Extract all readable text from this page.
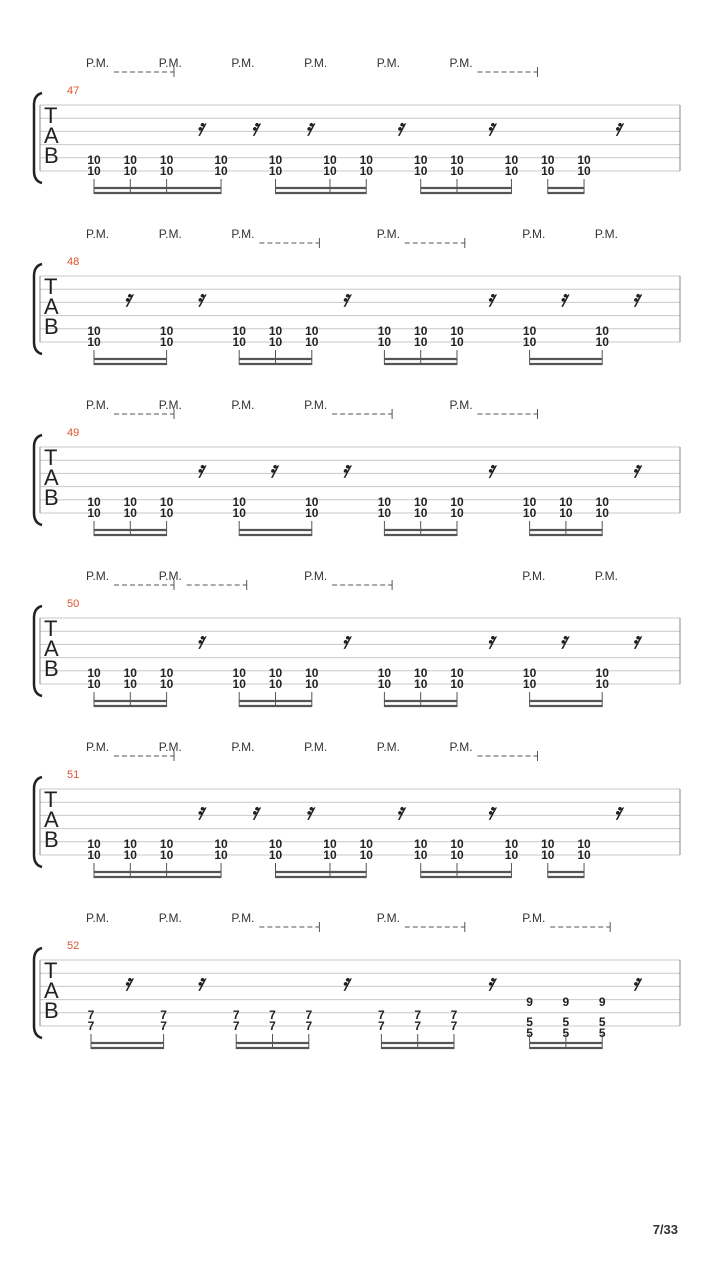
T
A
B
47
P.M.	P.M.	P.M.	P.M.	P.M.	P.M.
10
10
10
10
10
10
𝄿
10
10
𝄿
10
10
𝄿
10
10
10
10
𝄿
10
10
10
10
𝄿
10
10
10
10
10
10
𝄿
T
A
B
48
P.M.	P.M.	P.M.	P.M.	P.M.	P.M.
10
10
𝄿
10
10
𝄿
10
10
10
10
10
10
𝄿
10
10
10
10
10
10
𝄿
10
10
𝄿
10
10
𝄿
T
A
B
49
P.M.	P.M.	P.M.	P.M.	P.M.
10
10
10
10
10
10
𝄿
10
10
𝄿
10
10
𝄿
10
10
10
10
10
10
𝄿
10
10
10
10
10
10
𝄿
T
A
B
50
P.M.	P.M.	P.M.	P.M.	P.M.
10
10
10
10
10
10
𝄿
10
10
10
10
10
10
𝄿
10
10
10
10
10
10
𝄿
10
10
𝄿
10
10
𝄿
T
A
B
51
P.M.	P.M.	P.M.	P.M.	P.M.	P.M.
10
10
10
10
10
10
𝄿
10
10
𝄿
10
10
𝄿
10
10
10
10
𝄿
10
10
10
10
𝄿
10
10
10
10
10
10
𝄿
T
A
B
52
P.M.	P.M.	P.M.	P.M.	P.M.
7
7
𝄿
7
7
𝄿
7
7
7
7
7
7
𝄿
7
7
7
7
7
7
𝄿
9
5
5
9
5
5
9
5
5
𝄿
7/33
